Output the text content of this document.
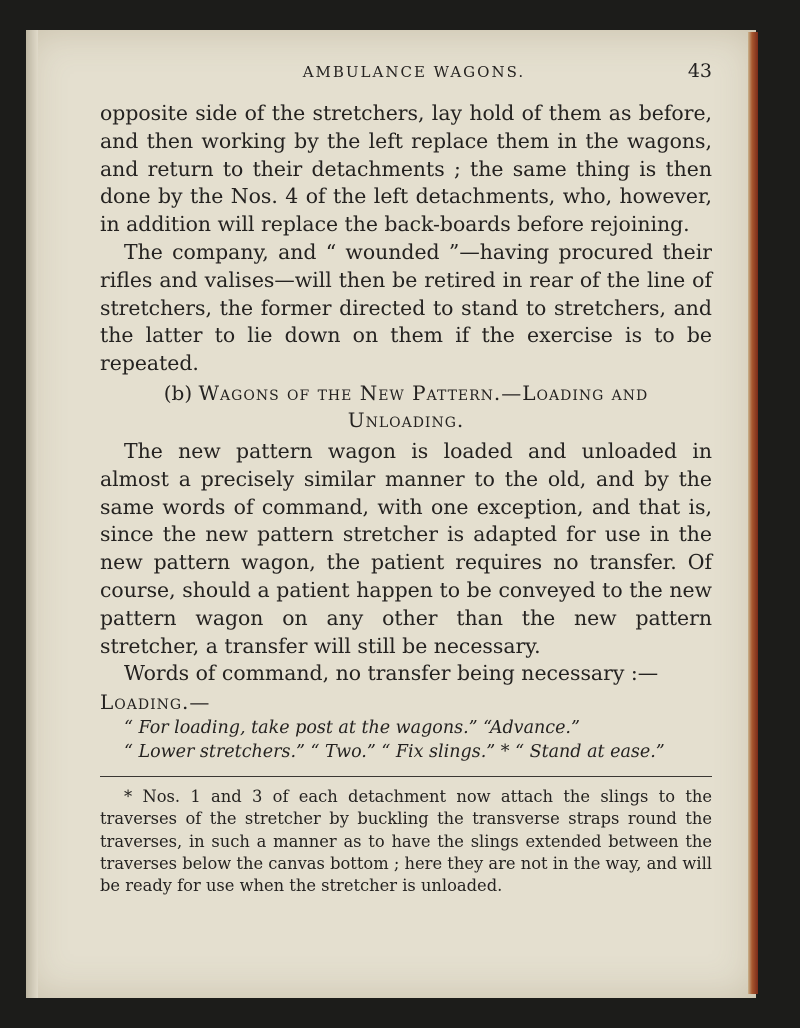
AMBULANCE WAGONS.	43

opposite side of the stretchers, lay hold of them as before, and then working by the left replace them in the wagons, and return to their detachments ; the same thing is then done by the Nos. 4 of the left detachments, who, however, in addition will replace the back-boards before rejoining.

The company, and “ wounded ”—having procured their rifles and valises—will then be retired in rear of the line of stretchers, the former directed to stand to stretchers, and the latter to lie down on them if the exercise is to be repeated.

(b) Wagons of the New Pattern.—Loading and
Unloading.

The new pattern wagon is loaded and unloaded in almost a precisely similar manner to the old, and by the same words of command, with one exception, and that is, since the new pattern stretcher is adapted for use in the new pattern wagon, the patient requires no transfer. Of course, should a patient happen to be conveyed to the new pattern wagon on any other than the new pattern stretcher, a transfer will still be necessary.

Words of command, no transfer being necessary :—

Loading.—
“ For loading, take post at the wagons.” “Advance.”
“ Lower stretchers.” “ Two.” “ Fix slings.” * “ Stand at ease.”

* Nos. 1 and 3 of each detachment now attach the slings to the traverses of the stretcher by buckling the transverse straps round the traverses, in such a manner as to have the slings extended between the traverses below the canvas bottom ; here they are not in the way, and will be ready for use when the stretcher is unloaded.
